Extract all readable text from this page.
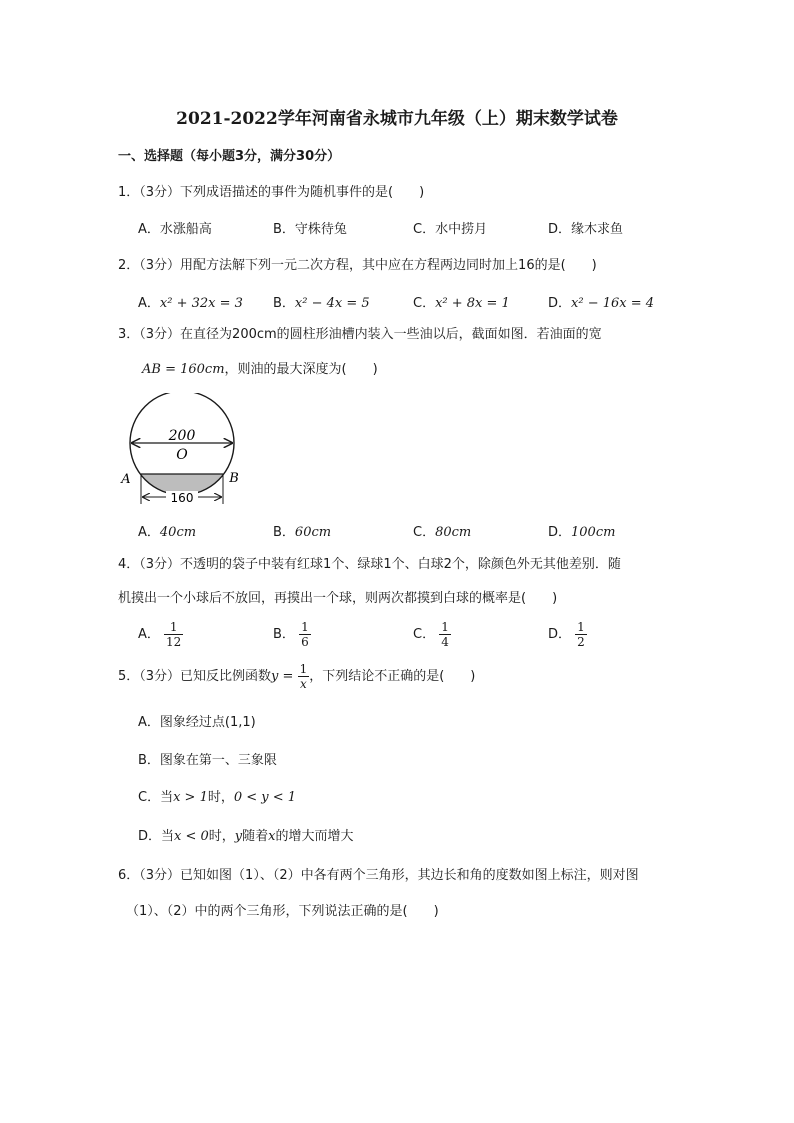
2021-2022学年河南省永城市九年级（上）期末数学试卷
一、选择题（每小题3分，满分30分）
1．（3分）下列成语描述的事件为随机事件的是(　　)
A．水涨船高	B．守株待兔	C．水中捞月	D．缘木求鱼
2．（3分）用配方法解下列一元二次方程，其中应在方程两边同时加上16的是(　　)
A．x² + 32x = 3 B．x² − 4x = 5	C．x² + 8x = 1	D．x² − 16x = 4
3．（3分）在直径为200cm的圆柱形油槽内装入一些油以后，截面如图．若油面的宽
AB = 160cm，则油的最大深度为(　　)
200
O
A	B
160
A．40cm	B．60cm	C．80cm	D．100cm
4．（3分）不透明的袋子中装有红球1个、绿球1个、白球2个，除颜色外无其他差别．随
机摸出一个小球后不放回，再摸出一个球，则两次都摸到白球的概率是(　　)
A． $\frac{1}{12}$	B． $\frac{1}{6}$	C． $\frac{1}{4}$	D． $\frac{1}{2}$
5．（3分）已知反比例函数$y = \frac{1}{x}$ ，下列结论不正确的是(　　)
A．图象经过点(1,1)
B．图象在第一、三象限
C．当x > 1时，0 < y < 1
D．当x < 0时，y随着x的增大而增大
6．（3分）已知如图（1）、（2）中各有两个三角形，其边长和角的度数如图上标注，则对图
（1）、（2）中的两个三角形，下列说法正确的是(　　)
